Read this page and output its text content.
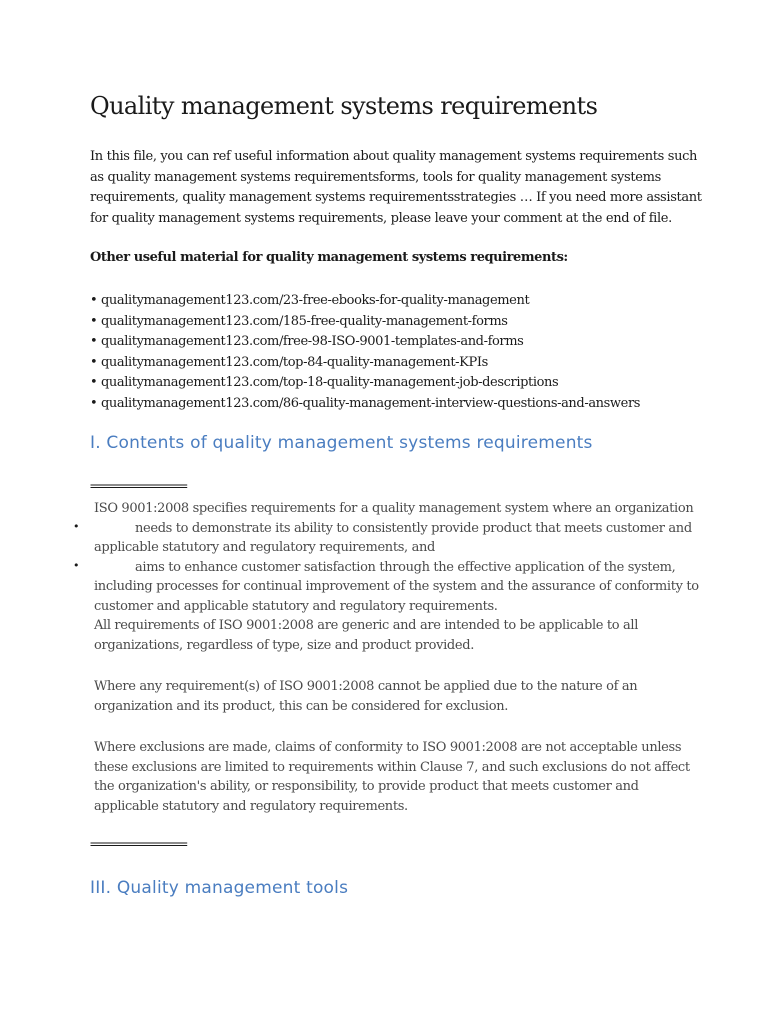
Quality management systems requirements
In this file, you can ref useful information about quality management systems requirements such
as quality management systems requirementsforms, tools for quality management systems
requirements, quality management systems requirementsstrategies … If you need more assistant
for quality management systems requirements, please leave your comment at the end of file.
Other useful material for quality management systems requirements:
• qualitymanagement123.com/23-free-ebooks-for-quality-management
• qualitymanagement123.com/185-free-quality-management-forms
• qualitymanagement123.com/free-98-ISO-9001-templates-and-forms
• qualitymanagement123.com/top-84-quality-management-KPIs
• qualitymanagement123.com/top-18-quality-management-job-descriptions
• qualitymanagement123.com/86-quality-management-interview-questions-and-answers
I. Contents of quality management systems requirements
==================
ISO 9001:2008 specifies requirements for a quality management system where an organization
needs to demonstrate its ability to consistently provide product that meets customer and
applicable statutory and regulatory requirements, and
aims to enhance customer satisfaction through the effective application of the system,
including processes for continual improvement of the system and the assurance of conformity to
customer and applicable statutory and regulatory requirements.
All requirements of ISO 9001:2008 are generic and are intended to be applicable to all
organizations, regardless of type, size and product provided.
•
•
Where any requirement(s) of ISO 9001:2008 cannot be applied due to the nature of an
organization and its product, this can be considered for exclusion.
Where exclusions are made, claims of conformity to ISO 9001:2008 are not acceptable unless
these exclusions are limited to requirements within Clause 7, and such exclusions do not affect
the organization's ability, or responsibility, to provide product that meets customer and
applicable statutory and regulatory requirements.
==================
III. Quality management tools
